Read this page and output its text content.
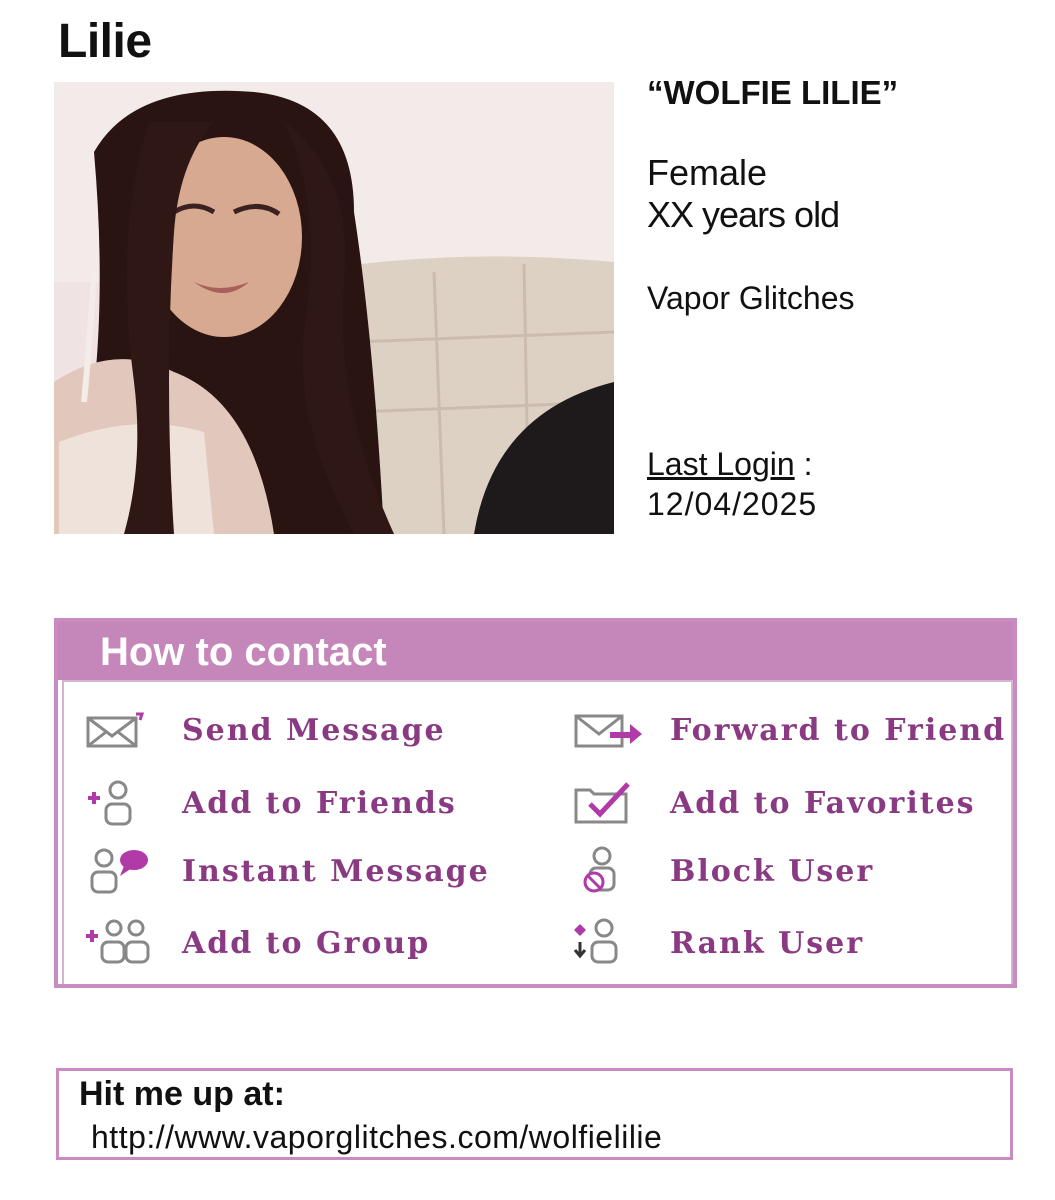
Lilie
“WOLFIE LILIE”
Female
XX years old
Vapor Glitches
Last Login :
12/04/2025
How to contact
Send Message	Forward to Friend
Add to Friends	Add to Favorites
Instant Message	Block User
Add to Group	Rank User
Hit me up at:
http://www.vaporglitches.com/wolfielilie
